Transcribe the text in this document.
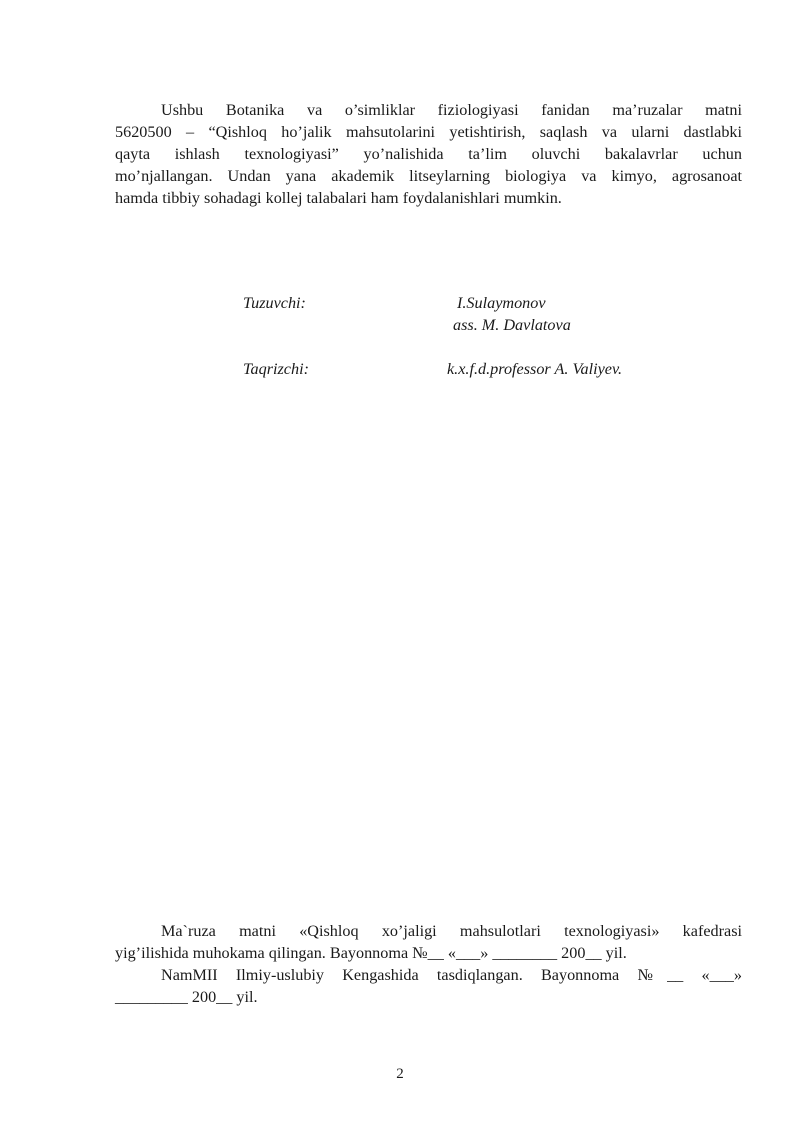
Ushbu Botanika va o’simliklar fiziologiyasi fanidan ma’ruzalar matni
5620500 – “Qishloq ho’jalik mahsutolarini yetishtirish, saqlash va ularni dastlabki
qayta ishlash texnologiyasi” yo’nalishida ta’lim oluvchi bakalavrlar uchun
mo’njallangan. Undan yana akademik litseylarning biologiya va kimyo, agrosanoat
hamda tibbiy sohadagi kollej talabalari ham foydalanishlari mumkin.
Tuzuvchi:	I.Sulaymonov
ass. M. Davlatova
Taqrizchi:	k.x.f.d.professor A. Valiyev.
Ma`ruza matni «Qishloq xo’jaligi mahsulotlari texnologiyasi» kafedrasi
yig’ilishida muhokama qilingan. Bayonnoma №__ «___» ________ 200__ yil.
NamMII Ilmiy-uslubiy Kengashida tasdiqlangan. Bayonnoma №__ «___»
_________ 200__ yil.
2
